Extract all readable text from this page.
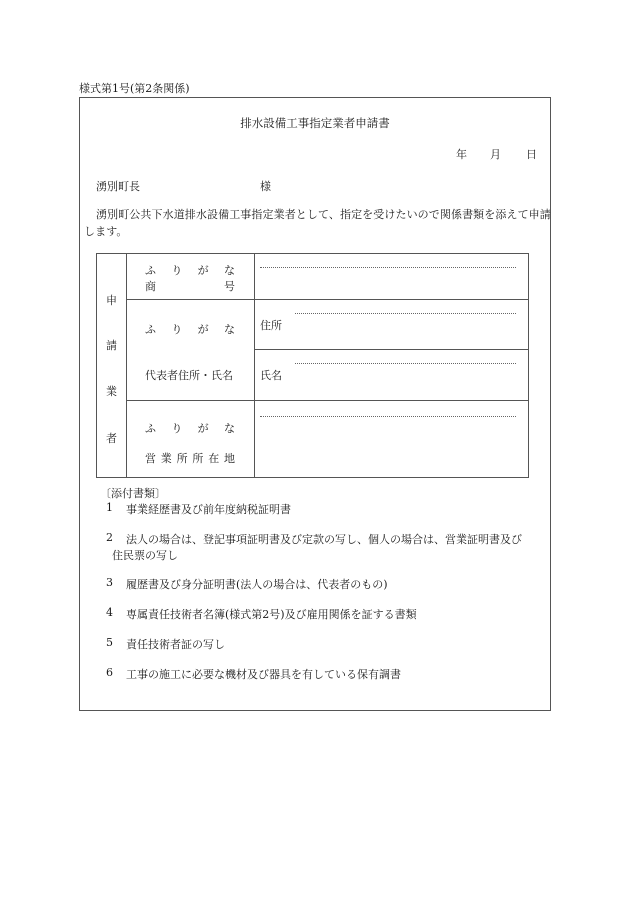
様式第1号(第2条関係)
排水設備工事指定業者申請書
年 月 日
湧別町長	様
湧別町公共下水道排水設備工事指定業者として、指定を受けたいので関係書類を添えて申請します。
申
請
業
者
ふ り が な
商	号
ふ り が な
代表者住所・氏名
住所
氏名
ふ り が な
営 業 所 所 在 地
〔添付書類〕
1 事業経歴書及び前年度納税証明書
2 法人の場合は、登記事項証明書及び定款の写し、個人の場合は、営業証明書及び
住民票の写し
3 履歴書及び身分証明書(法人の場合は、代表者のもの)
4 専属責任技術者名簿(様式第2号)及び雇用関係を証する書類
5 責任技術者証の写し
6 工事の施工に必要な機材及び器具を有している保有調書
